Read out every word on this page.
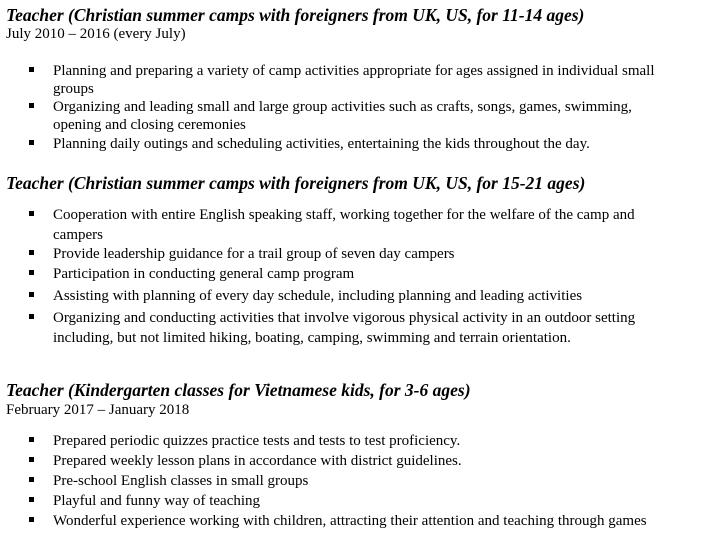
Teacher (Christian summer camps with foreigners from UK, US, for 11-14 ages)
July 2010 – 2016 (every July)
Planning and preparing a variety of camp activities appropriate for ages assigned in individual small
groups
Organizing and leading small and large group activities such as crafts, songs, games, swimming,
opening and closing ceremonies
Planning daily outings and scheduling activities, entertaining the kids throughout the day.
Teacher (Christian summer camps with foreigners from UK, US, for 15-21 ages)
Cooperation with entire English speaking staff, working together for the welfare of the camp and
campers
Provide leadership guidance for a trail group of seven day campers
Participation in conducting general camp program
Assisting with planning of every day schedule, including planning and leading activities
Organizing and conducting activities that involve vigorous physical activity in an outdoor setting
including, but not limited hiking, boating, camping, swimming and terrain orientation.
Teacher (Kindergarten classes for Vietnamese kids, for 3-6 ages)
February 2017 – January 2018
Prepared periodic quizzes practice tests and tests to test proficiency.
Prepared weekly lesson plans in accordance with district guidelines.
Pre-school English classes in small groups
Playful and funny way of teaching
Wonderful experience working with children, attracting their attention and teaching through games
